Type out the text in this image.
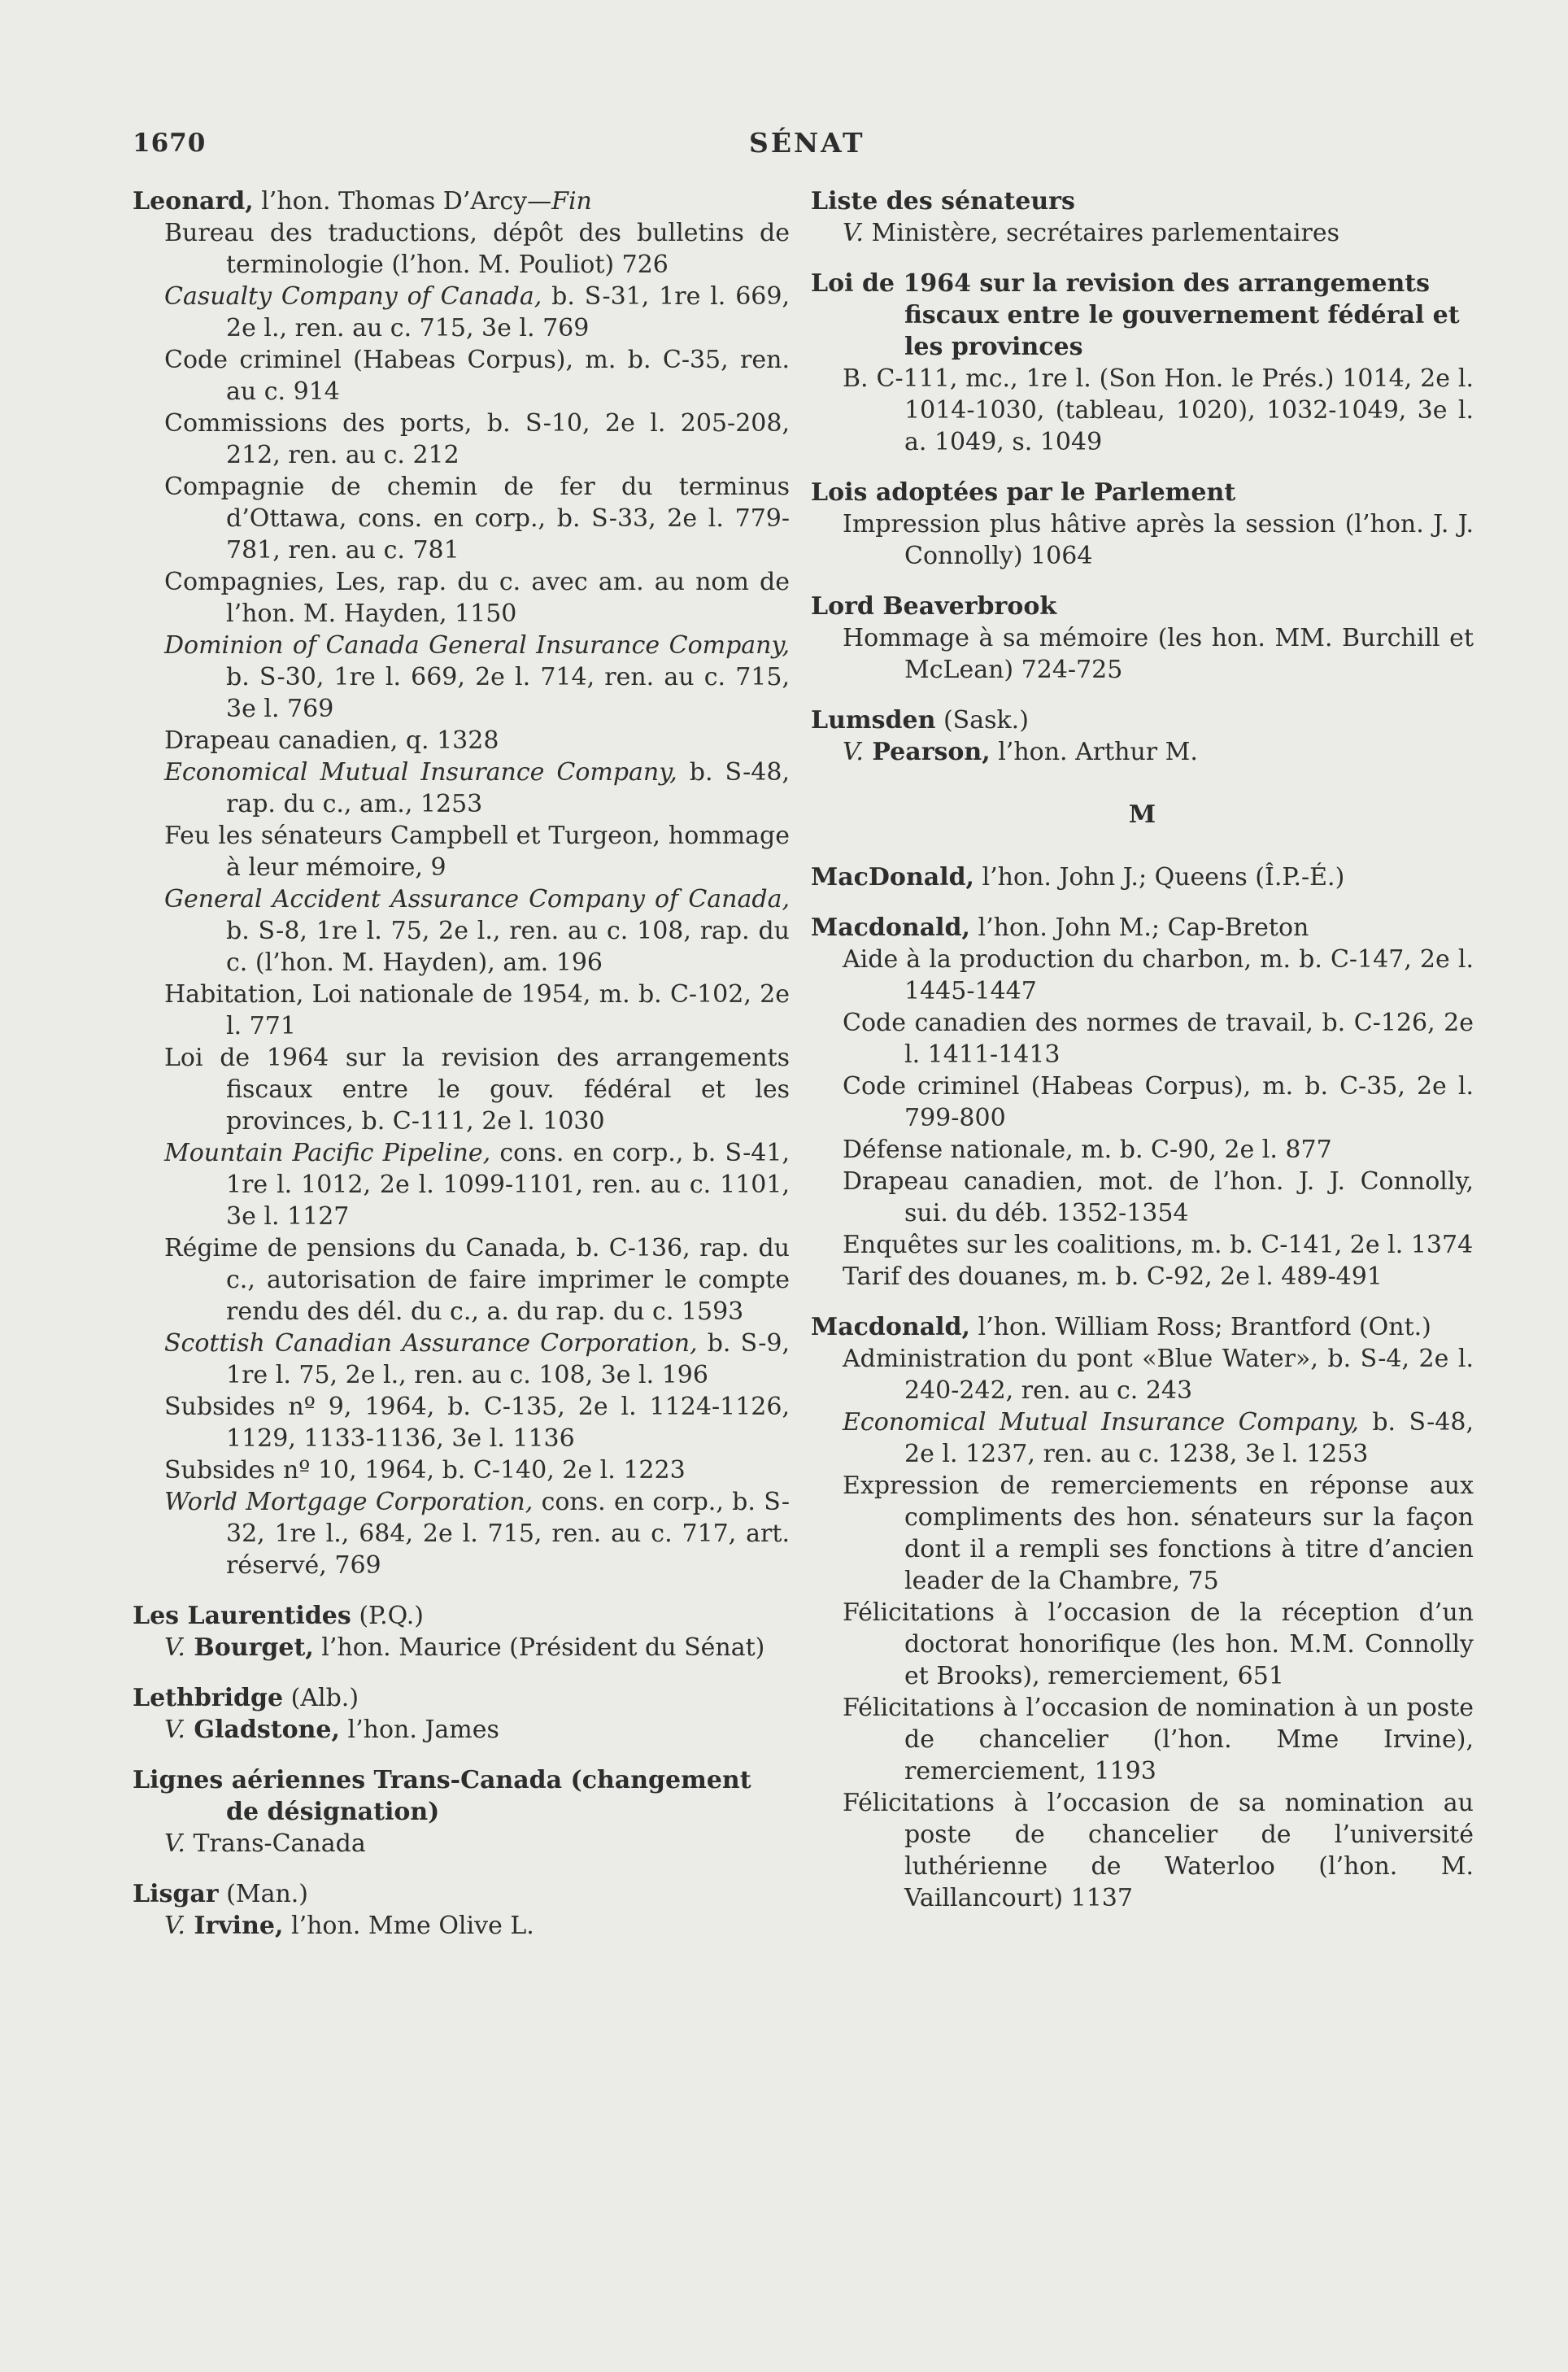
1670	SÉNAT
Leonard, l’hon. Thomas D’Arcy—Fin
Bureau des traductions, dépôt des bulletins de terminologie (l’hon. M. Pouliot) 726
Casualty Company of Canada, b. S-31, 1re l. 669, 2e l., ren. au c. 715, 3e l. 769
Code criminel (Habeas Corpus), m. b. C-35, ren. au c. 914
Commissions des ports, b. S-10, 2e l. 205-208, 212, ren. au c. 212
Compagnie de chemin de fer du terminus d’Ottawa, cons. en corp., b. S-33, 2e l. 779-781, ren. au c. 781
Compagnies, Les, rap. du c. avec am. au nom de l’hon. M. Hayden, 1150
Dominion of Canada General Insurance Company, b. S-30, 1re l. 669, 2e l. 714, ren. au c. 715, 3e l. 769
Drapeau canadien, q. 1328
Economical Mutual Insurance Company, b. S-48, rap. du c., am., 1253
Feu les sénateurs Campbell et Turgeon, hommage à leur mémoire, 9
General Accident Assurance Company of Canada, b. S-8, 1re l. 75, 2e l., ren. au c. 108, rap. du c. (l’hon. M. Hayden), am. 196
Habitation, Loi nationale de 1954, m. b. C-102, 2e l. 771
Loi de 1964 sur la revision des arrangements fiscaux entre le gouv. fédéral et les provinces, b. C-111, 2e l. 1030
Mountain Pacific Pipeline, cons. en corp., b. S-41, 1re l. 1012, 2e l. 1099-1101, ren. au c. 1101, 3e l. 1127
Régime de pensions du Canada, b. C-136, rap. du c., autorisation de faire imprimer le compte rendu des dél. du c., a. du rap. du c. 1593
Scottish Canadian Assurance Corporation, b. S-9, 1re l. 75, 2e l., ren. au c. 108, 3e l. 196
Subsides nº 9, 1964, b. C-135, 2e l. 1124-1126, 1129, 1133-1136, 3e l. 1136
Subsides nº 10, 1964, b. C-140, 2e l. 1223
World Mortgage Corporation, cons. en corp., b. S-32, 1re l., 684, 2e l. 715, ren. au c. 717, art. réservé, 769
Les Laurentides (P.Q.)
V. Bourget, l’hon. Maurice (Président du Sénat)
Lethbridge (Alb.)
V. Gladstone, l’hon. James
Lignes aériennes Trans-Canada (changement de désignation)
V. Trans-Canada
Lisgar (Man.)
V. Irvine, l’hon. Mme Olive L.
Liste des sénateurs
V. Ministère, secrétaires parlementaires
Loi de 1964 sur la revision des arrangements fiscaux entre le gouvernement fédéral et les provinces
B. C-111, mc., 1re l. (Son Hon. le Prés.) 1014, 2e l. 1014-1030, (tableau, 1020), 1032-1049, 3e l. a. 1049, s. 1049
Lois adoptées par le Parlement
Impression plus hâtive après la session (l’hon. J. J. Connolly) 1064
Lord Beaverbrook
Hommage à sa mémoire (les hon. MM. Burchill et McLean) 724-725
Lumsden (Sask.)
V. Pearson, l’hon. Arthur M.
M
MacDonald, l’hon. John J.; Queens (Î.P.-É.)
Macdonald, l’hon. John M.; Cap-Breton
Aide à la production du charbon, m. b. C-147, 2e l. 1445-1447
Code canadien des normes de travail, b. C-126, 2e l. 1411-1413
Code criminel (Habeas Corpus), m. b. C-35, 2e l. 799-800
Défense nationale, m. b. C-90, 2e l. 877
Drapeau canadien, mot. de l’hon. J. J. Connolly, sui. du déb. 1352-1354
Enquêtes sur les coalitions, m. b. C-141, 2e l. 1374
Tarif des douanes, m. b. C-92, 2e l. 489-491
Macdonald, l’hon. William Ross; Brantford (Ont.)
Administration du pont «Blue Water», b. S-4, 2e l. 240-242, ren. au c. 243
Economical Mutual Insurance Company, b. S-48, 2e l. 1237, ren. au c. 1238, 3e l. 1253
Expression de remerciements en réponse aux compliments des hon. sénateurs sur la façon dont il a rempli ses fonctions à titre d’ancien leader de la Chambre, 75
Félicitations à l’occasion de la réception d’un doctorat honorifique (les hon. M.M. Connolly et Brooks), remerciement, 651
Félicitations à l’occasion de nomination à un poste de chancelier (l’hon. Mme Irvine), remerciement, 1193
Félicitations à l’occasion de sa nomination au poste de chancelier de l’université luthérienne de Waterloo (l’hon. M. Vaillancourt) 1137
